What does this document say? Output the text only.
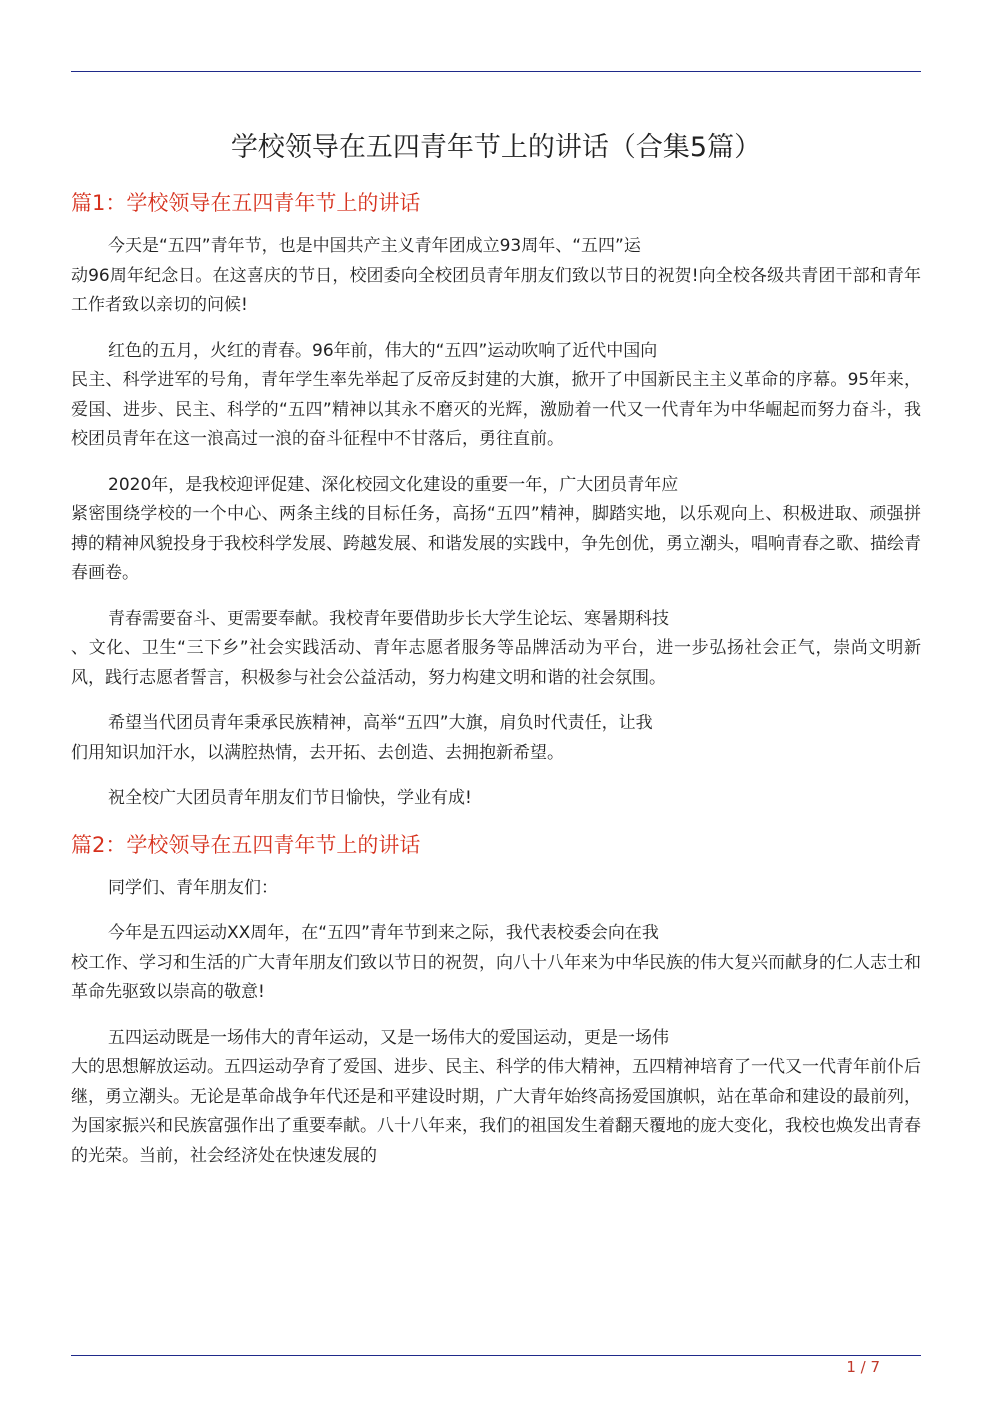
学校领导在五四青年节上的讲话（合集5篇）
篇1：学校领导在五四青年节上的讲话

今天是“五四”青年节，也是中国共产主义青年团成立93周年、“五四”运
动96周年纪念日。在这喜庆的节日，校团委向全校团员青年朋友们致以节日的祝贺!向全校各级共青团干部和青年工作者致以亲切的问候!

红色的五月，火红的青春。96年前，伟大的“五四”运动吹响了近代中国向
民主、科学进军的号角，青年学生率先举起了反帝反封建的大旗，掀开了中国新民主主义革命的序幕。95年来，爱国、进步、民主、科学的“五四”精神以其永不磨灭的光辉，激励着一代又一代青年为中华崛起而努力奋斗，我校团员青年在这一浪高过一浪的奋斗征程中不甘落后，勇往直前。

2020年，是我校迎评促建、深化校园文化建设的重要一年，广大团员青年应
紧密围绕学校的一个中心、两条主线的目标任务，高扬“五四”精神，脚踏实地，以乐观向上、积极进取、顽强拼搏的精神风貌投身于我校科学发展、跨越发展、和谐发展的实践中，争先创优，勇立潮头，唱响青春之歌、描绘青春画卷。

青春需要奋斗、更需要奉献。我校青年要借助步长大学生论坛、寒暑期科技
、文化、卫生“三下乡”社会实践活动、青年志愿者服务等品牌活动为平台，进一步弘扬社会正气，崇尚文明新风，践行志愿者誓言，积极参与社会公益活动，努力构建文明和谐的社会氛围。

希望当代团员青年秉承民族精神，高举“五四”大旗，肩负时代责任，让我
们用知识加汗水，以满腔热情，去开拓、去创造、去拥抱新希望。

祝全校广大团员青年朋友们节日愉快，学业有成!

篇2：学校领导在五四青年节上的讲话

同学们、青年朋友们：

今年是五四运动XX周年，在“五四”青年节到来之际，我代表校委会向在我
校工作、学习和生活的广大青年朋友们致以节日的祝贺，向八十八年来为中华民族的伟大复兴而献身的仁人志士和革命先驱致以崇高的敬意!

五四运动既是一场伟大的青年运动，又是一场伟大的爱国运动，更是一场伟
大的思想解放运动。五四运动孕育了爱国、进步、民主、科学的伟大精神，五四精神培育了一代又一代青年前仆后继，勇立潮头。无论是革命战争年代还是和平建设时期，广大青年始终高扬爱国旗帜，站在革命和建设的最前列，为国家振兴和民族富强作出了重要奉献。八十八年来，我们的祖国发生着翻天覆地的庞大变化，我校也焕发出青春的光荣。当前，社会经济处在快速发展的

1 / 7
